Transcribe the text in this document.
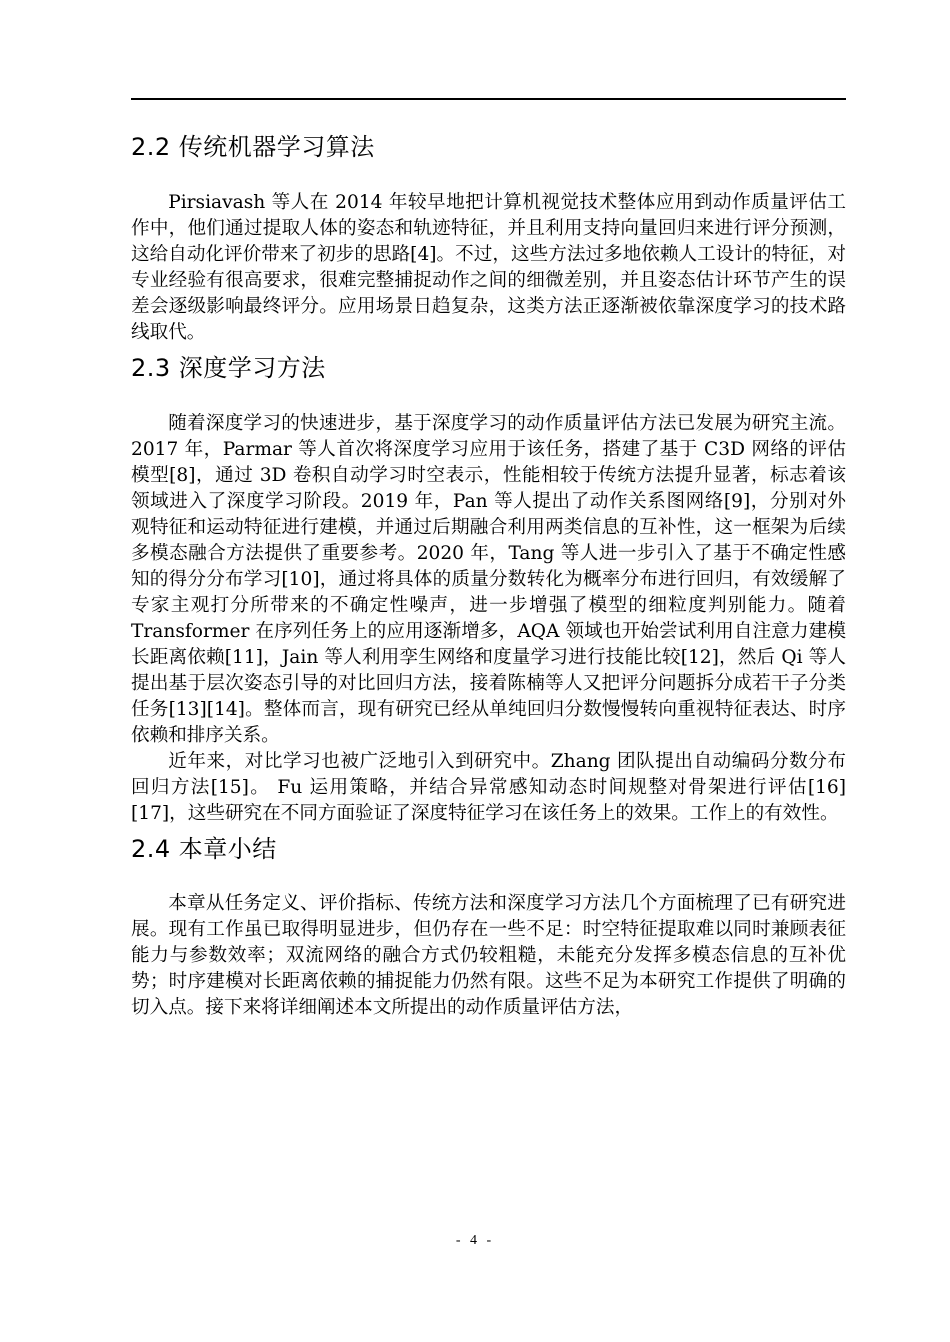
2.2 传统机器学习算法

Pirsiavash 等人在 2014 年较早地把计算机视觉技术整体应用到动作质量评估工作中，他们通过提取人体的姿态和轨迹特征，并且利用支持向量回归来进行评分预测，这给自动化评价带来了初步的思路[4]。不过，这些方法过多地依赖人工设计的特征，对专业经验有很高要求，很难完整捕捉动作之间的细微差别，并且姿态估计环节产生的误差会逐级影响最终评分。应用场景日趋复杂，这类方法正逐渐被依靠深度学习的技术路线取代。

2.3 深度学习方法

随着深度学习的快速进步，基于深度学习的动作质量评估方法已发展为研究主流。2017 年，Parmar 等人首次将深度学习应用于该任务，搭建了基于 C3D 网络的评估模型[8]，通过 3D 卷积自动学习时空表示，性能相较于传统方法提升显著，标志着该领域进入了深度学习阶段。2019 年，Pan 等人提出了动作关系图网络[9]，分别对外观特征和运动特征进行建模，并通过后期融合利用两类信息的互补性，这一框架为后续多模态融合方法提供了重要参考。2020 年，Tang 等人进一步引入了基于不确定性感知的得分分布学习[10]，通过将具体的质量分数转化为概率分布进行回归，有效缓解了专家主观打分所带来的不确定性噪声，进一步增强了模型的细粒度判别能力。随着 Transformer 在序列任务上的应用逐渐增多，AQA 领域也开始尝试利用自注意力建模长距离依赖[11]，Jain 等人利用孪生网络和度量学习进行技能比较[12]，然后 Qi 等人提出基于层次姿态引导的对比回归方法，接着陈楠等人又把评分问题拆分成若干子分类任务[13][14]。整体而言，现有研究已经从单纯回归分数慢慢转向重视特征表达、时序依赖和排序关系。

近年来，对比学习也被广泛地引入到研究中。Zhang 团队提出自动编码分数分布回归方法[15]。 Fu 运用策略，并结合异常感知动态时间规整对骨架进行评估[16][17]，这些研究在不同方面验证了深度特征学习在该任务上的效果。工作上的有效性。

2.4 本章小结

本章从任务定义、评价指标、传统方法和深度学习方法几个方面梳理了已有研究进展。现有工作虽已取得明显进步，但仍存在一些不足：时空特征提取难以同时兼顾表征能力与参数效率；双流网络的融合方式仍较粗糙，未能充分发挥多模态信息的互补优势；时序建模对长距离依赖的捕捉能力仍然有限。这些不足为本研究工作提供了明确的切入点。接下来将详细阐述本文所提出的动作质量评估方法，

- 4 -
